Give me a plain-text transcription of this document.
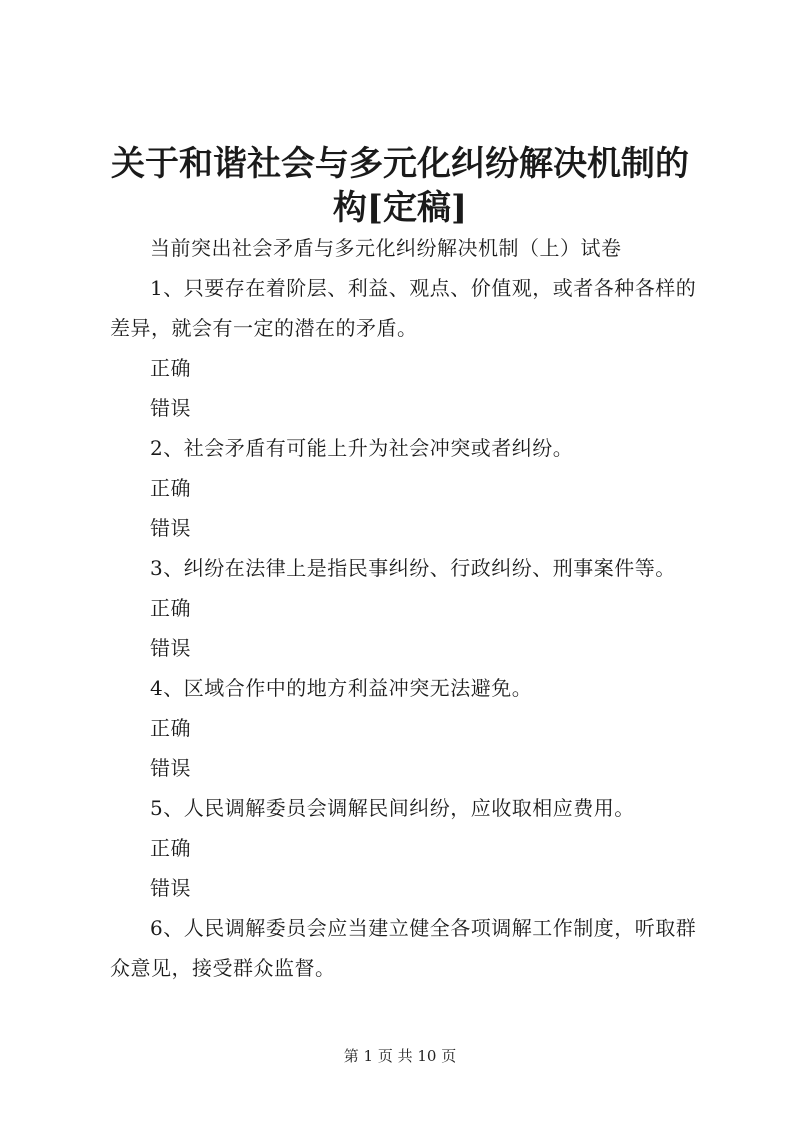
关于和谐社会与多元化纠纷解决机制的构[定稿]

当前突出社会矛盾与多元化纠纷解决机制（上）试卷

1、只要存在着阶层、利益、观点、价值观，或者各种各样的差异，就会有一定的潜在的矛盾。

正确

错误

2、社会矛盾有可能上升为社会冲突或者纠纷。

正确

错误

3、纠纷在法律上是指民事纠纷、行政纠纷、刑事案件等。

正确

错误

4、区域合作中的地方利益冲突无法避免。

正确

错误

5、人民调解委员会调解民间纠纷，应收取相应费用。

正确

错误

6、人民调解委员会应当建立健全各项调解工作制度，听取群众意见，接受群众监督。

第 1 页 共 10 页
